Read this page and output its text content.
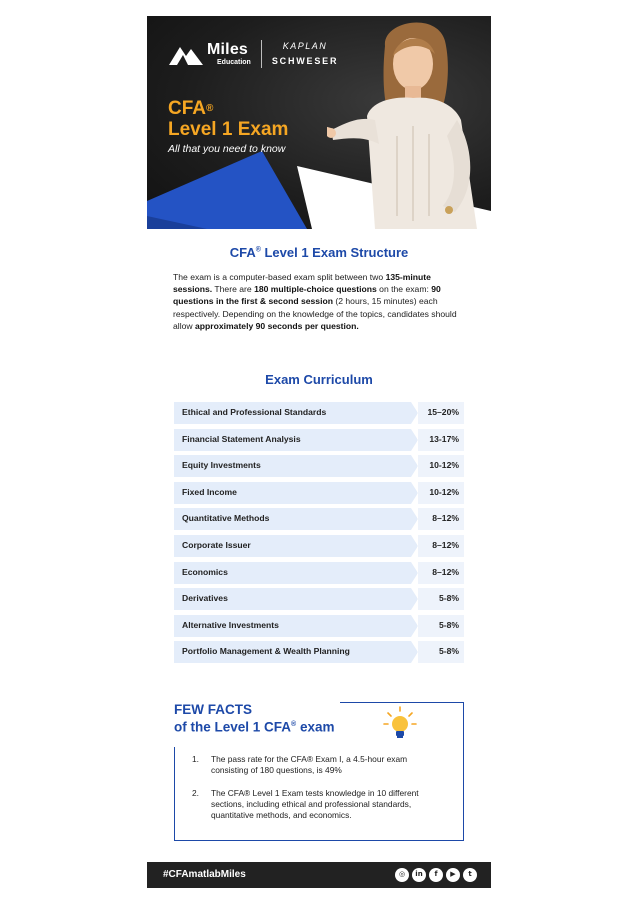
Miles
Education
KAPLAN
SCHWESER
CFA®
Level 1 Exam
All that you need to know
CFA® Level 1 Exam Structure
The exam is a computer-based exam split between two 135-minute sessions. There are 180 multiple-choice questions on the exam: 90 questions in the first & second session (2 hours, 15 minutes) each respectively. Depending on the knowledge of the topics, candidates should allow approximately 90 seconds per question.
Exam Curriculum
Ethical and Professional Standards	15–20%
Financial Statement Analysis	13-17%
Equity Investments	10-12%
Fixed Income	10-12%
Quantitative Methods	8–12%
Corporate Issuer	8–12%
Economics	8–12%
Derivatives	5-8%
Alternative Investments	5-8%
Portfolio Management & Wealth Planning	5-8%
FEW FACTS
of the Level 1 CFA® exam
1. The pass rate for the CFA® Exam I, a 4.5-hour exam consisting of 180 questions, is 49%
2. The CFA® Level 1 Exam tests knowledge in 10 different sections, including ethical and professional standards, quantitative methods, and economics.
#CFAmatlabMiles	◎	in	f	▶	t
